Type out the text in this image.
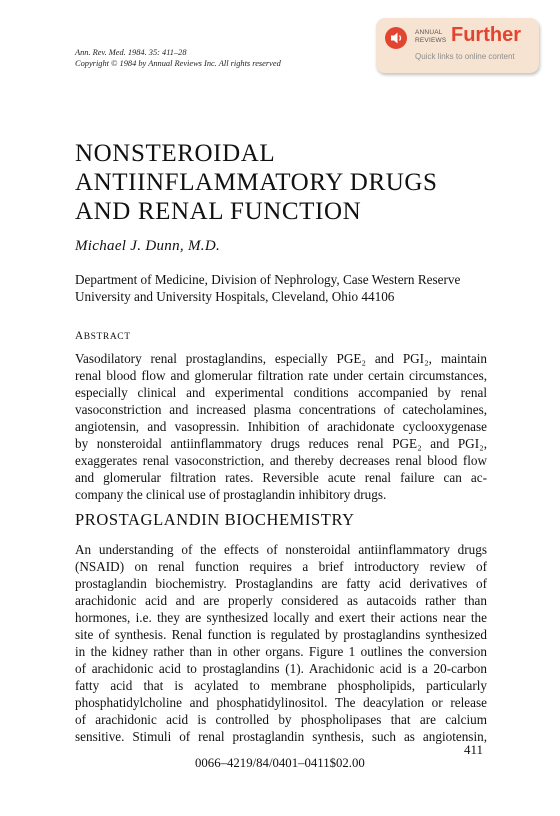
Ann. Rev. Med. 1984. 35: 411–28
Copyright © 1984 by Annual Reviews Inc. All rights reserved
ANNUAL
REVIEWS Further
Quick links to online content
NONSTEROIDAL
ANTIINFLAMMATORY DRUGS
AND RENAL FUNCTION
Michael J. Dunn, M.D.
Department of Medicine, Division of Nephrology, Case Western Reserve
University and University Hospitals, Cleveland, Ohio 44106
ABSTRACT
Vasodilatory renal prostaglandins, especially PGE₂ and PGI₂, maintain
renal blood flow and glomerular filtration rate under certain circumstances,
especially clinical and experimental conditions accompanied by renal
vasoconstriction and increased plasma concentrations of catecholamines,
angiotensin, and vasopressin. Inhibition of arachidonate cyclooxygenase
by nonsteroidal antiinflammatory drugs reduces renal PGE₂ and PGI₂,
exaggerates renal vasoconstriction, and thereby decreases renal blood flow
and glomerular filtration rates. Reversible acute renal failure can ac-
company the clinical use of prostaglandin inhibitory drugs.
PROSTAGLANDIN BIOCHEMISTRY
An understanding of the effects of nonsteroidal antiinflammatory drugs
(NSAID) on renal function requires a brief introductory review of
prostaglandin biochemistry. Prostaglandins are fatty acid derivatives of
arachidonic acid and are properly considered as autacoids rather than
hormones, i.e. they are synthesized locally and exert their actions near the
site of synthesis. Renal function is regulated by prostaglandins synthesized
in the kidney rather than in other organs. Figure 1 outlines the conversion
of arachidonic acid to prostaglandins (1). Arachidonic acid is a 20-carbon
fatty acid that is acylated to membrane phospholipids, particularly
phosphatidylcholine and phosphatidylinositol. The deacylation or release
of arachidonic acid is controlled by phospholipases that are calcium
sensitive. Stimuli of renal prostaglandin synthesis, such as angiotensin,
411
0066–4219/84/0401–0411$02.00
